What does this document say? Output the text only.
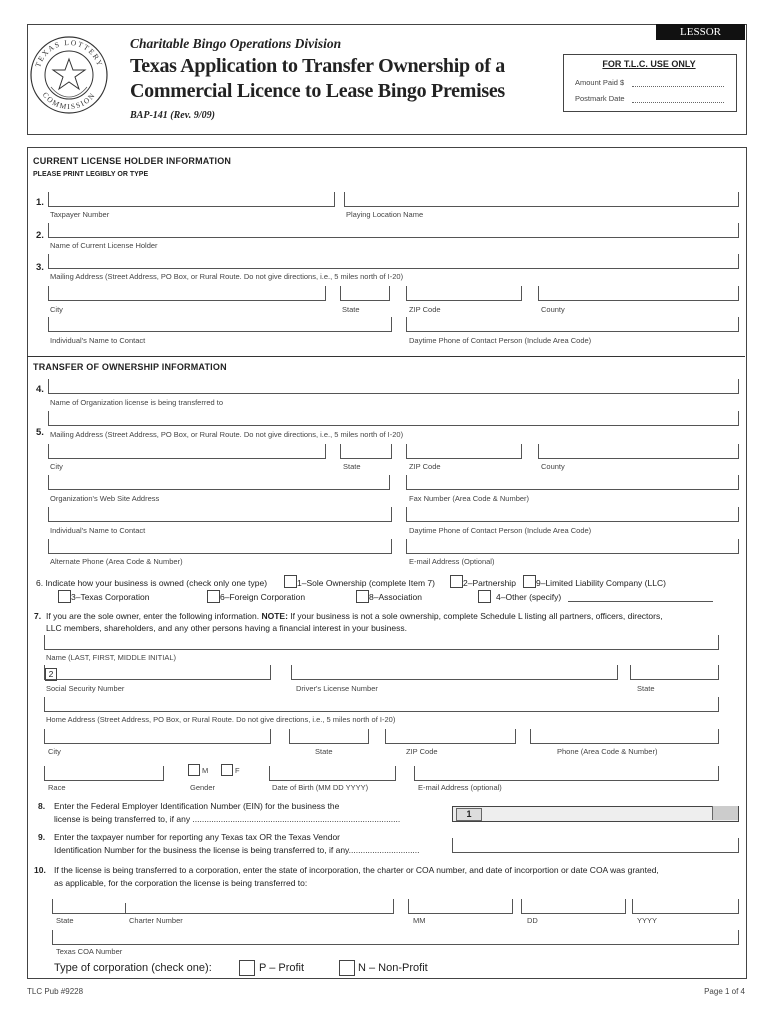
LESSOR
TEXAS LOTTERY
COMMISSION
Charitable Bingo Operations Division
Texas Application to Transfer Ownership of a
Commercial Licence to Lease Bingo Premises
BAP-141 (Rev. 9/09)
FOR T.L.C. USE ONLY
Amount Paid $
Postmark Date
CURRENT LICENSE HOLDER INFORMATION
PLEASE PRINT LEGIBLY OR TYPE
1.
Taxpayer Number	Playing Location Name
2.
Name of Current License Holder
3.
Mailing Address (Street Address, PO Box, or Rural Route. Do not give directions, i.e., 5 miles north of I-20)
City	State	ZIP Code	County
Individual's Name to Contact	Daytime Phone of Contact Person (Include Area Code)
TRANSFER OF OWNERSHIP INFORMATION
4.
Name of Organization license is being transferred to
5. Mailing Address (Street Address, PO Box, or Rural Route. Do not give directions, i.e., 5 miles north of I-20)
City	State	ZIP Code	County
Organization's Web Site Address	Fax Number (Area Code & Number)
Individual's Name to Contact	Daytime Phone of Contact Person (Include Area Code)
Alternate Phone (Area Code & Number)	E-mail Address (Optional)
6. Indicate how your business is owned (check only one type)	1–Sole Ownership (complete Item 7)	2–Partnership 9–Limited Liability Company (LLC)
3–Texas Corporation	6–Foreign Corporation	8–Association	4–Other (specify)
7. If you are the sole owner, enter the following information. NOTE: If your business is not a sole ownership, complete Schedule L listing all partners, officers, directors,
LLC members, shareholders, and any other persons having a financial interest in your business.
Name (LAST, FIRST, MIDDLE INITIAL)
2
Social Security Number	Driver's License Number	State
Home Address (Street Address, PO Box, or Rural Route. Do not give directions, i.e., 5 miles north of I-20)
City	State	ZIP Code	Phone (Area Code & Number)
Race
M	F
Gender	Date of Birth (MM DD YYYY)	E-mail Address (optional)
8. Enter the Federal Employer Identification Number (EIN) for the business the
license is being transferred to, if any ........................................................................................	1
9. Enter the taxpayer number for reporting any Texas tax OR the Texas Vendor
Identification Number for the business the license is being transferred to, if any..............................
10. If the license is being transferred to a corporation, enter the state of incorporation, the charter or COA number, and date of incorportion or date COA was granted,
as applicable, for the corporation the license is being transferred to:
State	Charter Number	MM	DD	YYYY
Texas COA Number
Type of corporation (check one):	P – Profit	N – Non-Profit
TLC Pub #9228	Page 1 of 4
